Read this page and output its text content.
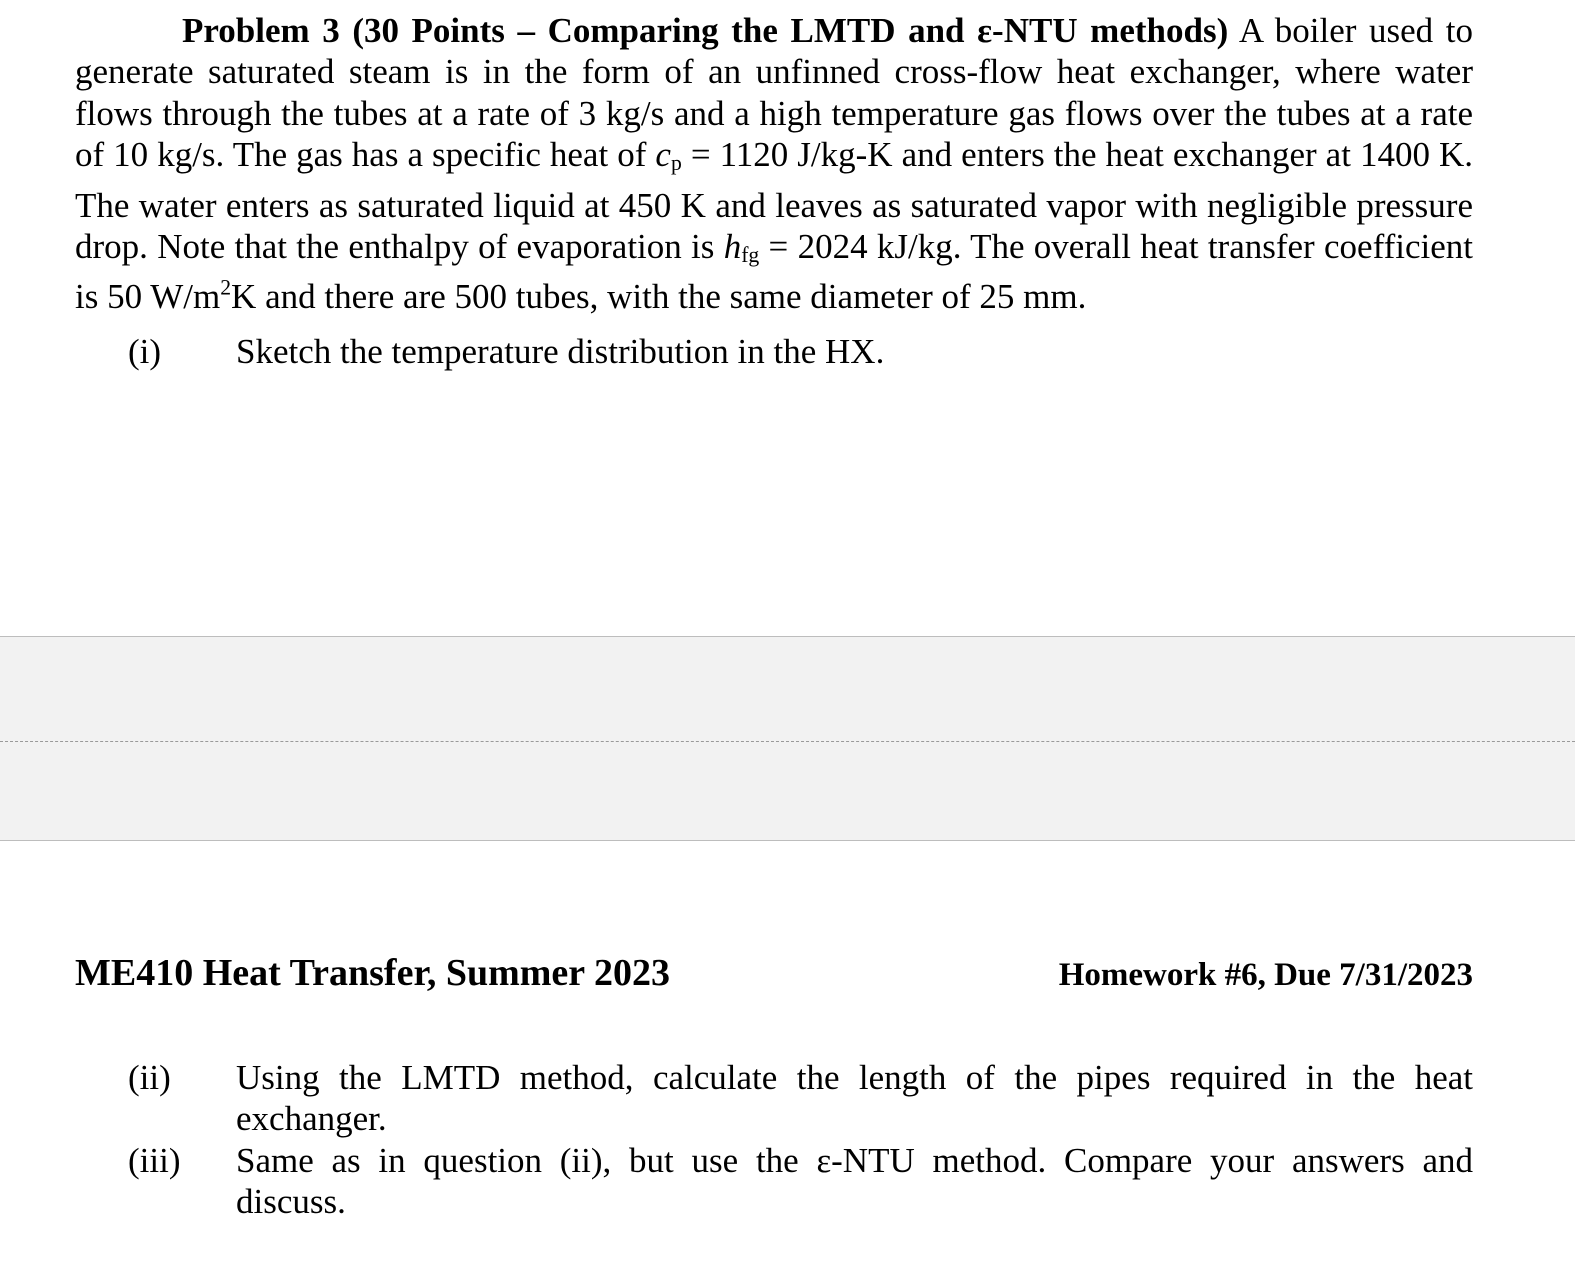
Problem 3 (30 Points – Comparing the LMTD and ε-NTU methods) A boiler used to generate saturated steam is in the form of an unfinned cross-flow heat exchanger, where water flows through the tubes at a rate of 3 kg/s and a high temperature gas flows over the tubes at a rate of 10 kg/s. The gas has a specific heat of cp = 1120 J/kg-K and enters the heat exchanger at 1400 K. The water enters as saturated liquid at 450 K and leaves as saturated vapor with negligible pressure drop. Note that the enthalpy of evaporation is hfg = 2024 kJ/kg. The overall heat transfer coefficient is 50 $W/m^2K$ and there are 500 tubes, with the same diameter of 25 mm.

(i) Sketch the temperature distribution in the HX.
ME410 Heat Transfer, Summer 2023	Homework #6, Due 7/31/2023
(ii) Using the LMTD method, calculate the length of the pipes required in the heat exchanger.
(iii) Same as in question (ii), but use the ε-NTU method. Compare your answers and discuss.
